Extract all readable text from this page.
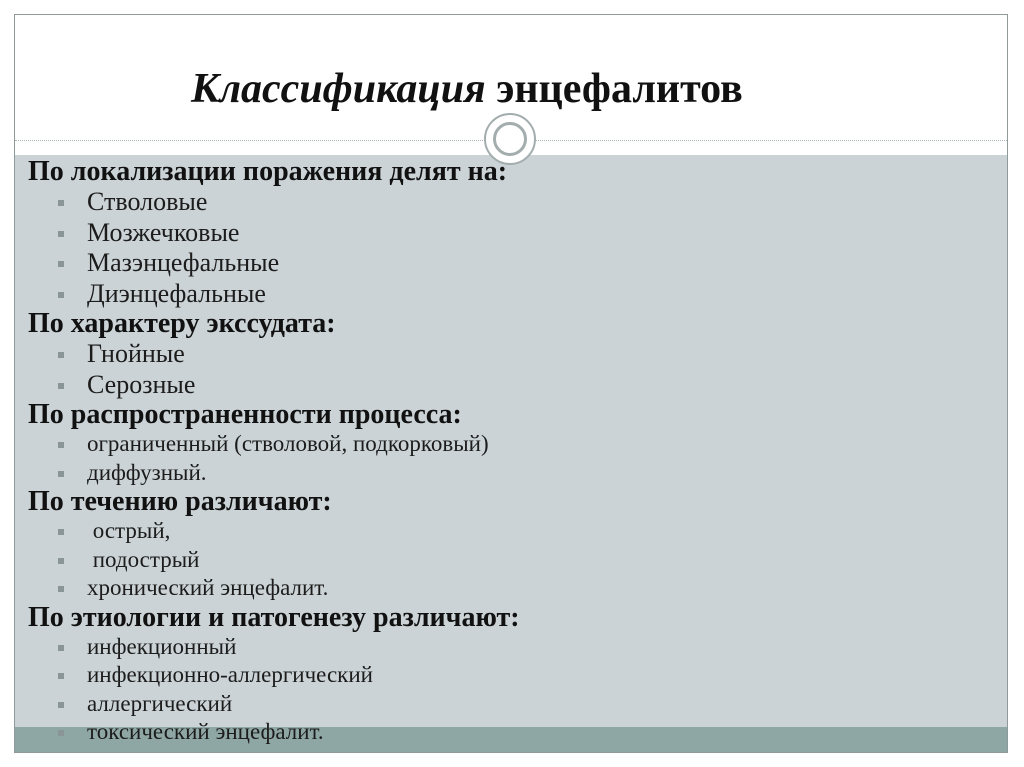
Классификация энцефалитов

По локализации поражения делят на:

Стволовые
Мозжечковые
Мазэнцефальные
Диэнцефальные

По характеру экссудата:

Гнойные
Серозные

По распространенности процесса:

ограниченный (стволовой, подкорковый)
диффузный.

По течению различают:

острый,
подострый
хронический энцефалит.

По этиологии и патогенезу различают:

инфекционный
инфекционно-аллергический
аллергический
токсический энцефалит.
